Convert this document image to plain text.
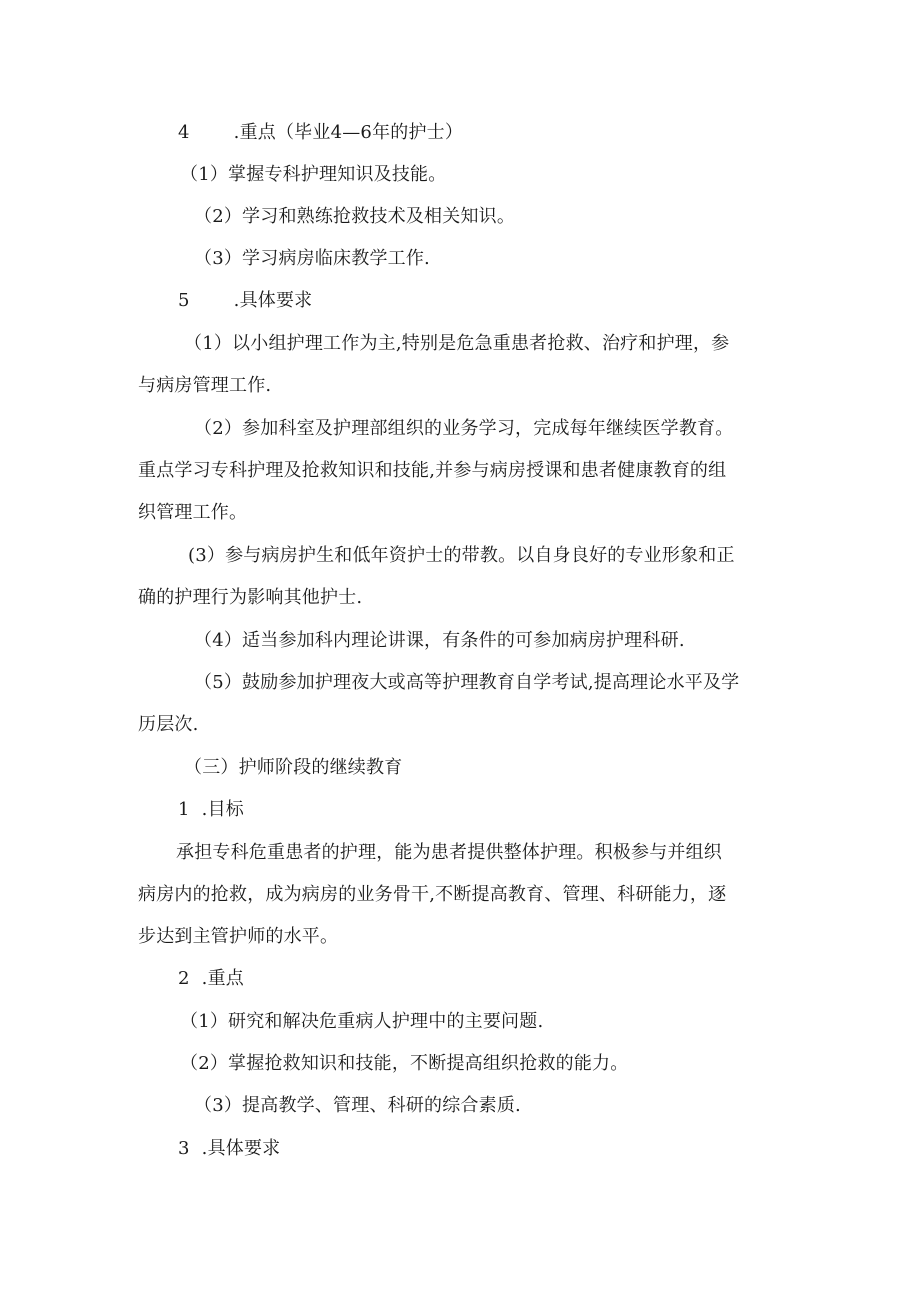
4 .重点（毕业4—6年的护士）
（1）掌握专科护理知识及技能。
（2）学习和熟练抢救技术及相关知识。
（3）学习病房临床教学工作.
5 .具体要求
（1）以小组护理工作为主,特别是危急重患者抢救、治疗和护理，参
与病房管理工作.
（2）参加科室及护理部组织的业务学习，完成每年继续医学教育。
重点学习专科护理及抢救知识和技能,并参与病房授课和患者健康教育的组
织管理工作。
(3）参与病房护生和低年资护士的带教。以自身良好的专业形象和正
确的护理行为影响其他护士.
（4）适当参加科内理论讲课，有条件的可参加病房护理科研.
（5）鼓励参加护理夜大或高等护理教育自学考试,提高理论水平及学
历层次.
（三）护师阶段的继续教育
1 .目标
承担专科危重患者的护理，能为患者提供整体护理。积极参与并组织
病房内的抢救，成为病房的业务骨干,不断提高教育、管理、科研能力，逐
步达到主管护师的水平。
2 .重点
（1）研究和解决危重病人护理中的主要问题.
（2）掌握抢救知识和技能，不断提高组织抢救的能力。
（3）提高教学、管理、科研的综合素质.
3 .具体要求
